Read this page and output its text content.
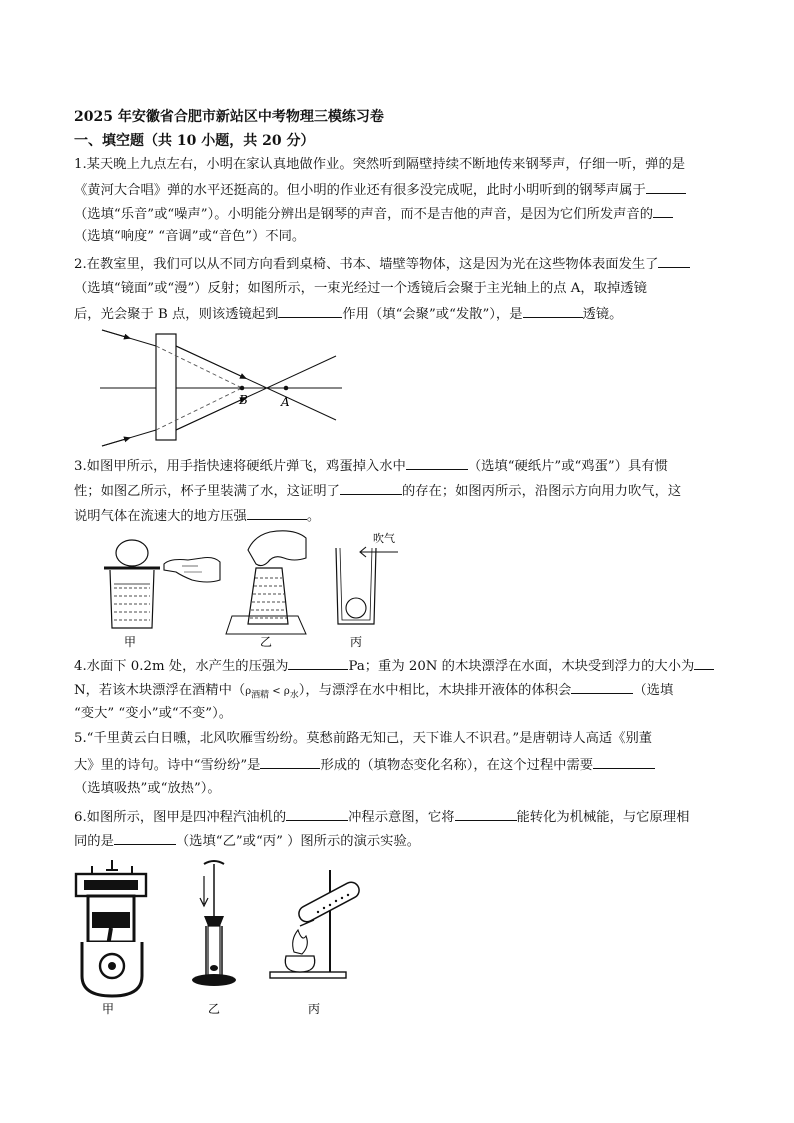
2025 年安徽省合肥市新站区中考物理三模练习卷
一、填空题（共 10 小题，共 20 分）
1.某天晚上九点左右，小明在家认真地做作业。突然听到隔壁持续不断地传来钢琴声，仔细一听，弹的是
《黄河大合唱》弹的水平还挺高的。但小明的作业还有很多没完成呢，此时小明听到的钢琴声属于
（选填“乐音”或“噪声”）。小明能分辨出是钢琴的声音，而不是吉他的声音，是因为它们所发声音的
（选填“响度” “音调”或“音色”）不同。
2.在教室里，我们可以从不同方向看到桌椅、书本、墙壁等物体，这是因为光在这些物体表面发生了
（选填“镜面”或“漫”）反射；如图所示，一束光经过一个透镜后会聚于主光轴上的点 A，取掉透镜
后，光会聚于 B 点，则该透镜起到	作用（填“会聚”或“发散”），是	透镜。
B	A
3.如图甲所示，用手指快速将硬纸片弹飞，鸡蛋掉入水中	（选填“硬纸片”或“鸡蛋”）具有惯
性；如图乙所示，杯子里装满了水，这证明了	的存在；如图丙所示，沿图示方向用力吹气，这
说明气体在流速大的地方压强	。
甲	乙
吹气
丙
4.水面下 0.2m 处，水产生的压强为	Pa；重为 20N 的木块漂浮在水面，木块受到浮力的大小为
N，若该木块漂浮在酒精中$(\rho_{酒精} < \rho_水)$，与漂浮在水中相比，木块排开液体的体积会	（选填
“变大” “变小”或“不变”）。
5.“千里黄云白日曛，北风吹雁雪纷纷。莫愁前路无知己，天下谁人不识君。”是唐朝诗人高适《别董
大》里的诗句。诗中“雪纷纷”是	形成的（填物态变化名称），在这个过程中需要
（选填吸热”或“放热”）。
6.如图所示，图甲是四冲程汽油机的	冲程示意图，它将	能转化为机械能，与它原理相
同的是	（选填“乙”或“丙” ）图所示的演示实验。
甲	乙	丙
